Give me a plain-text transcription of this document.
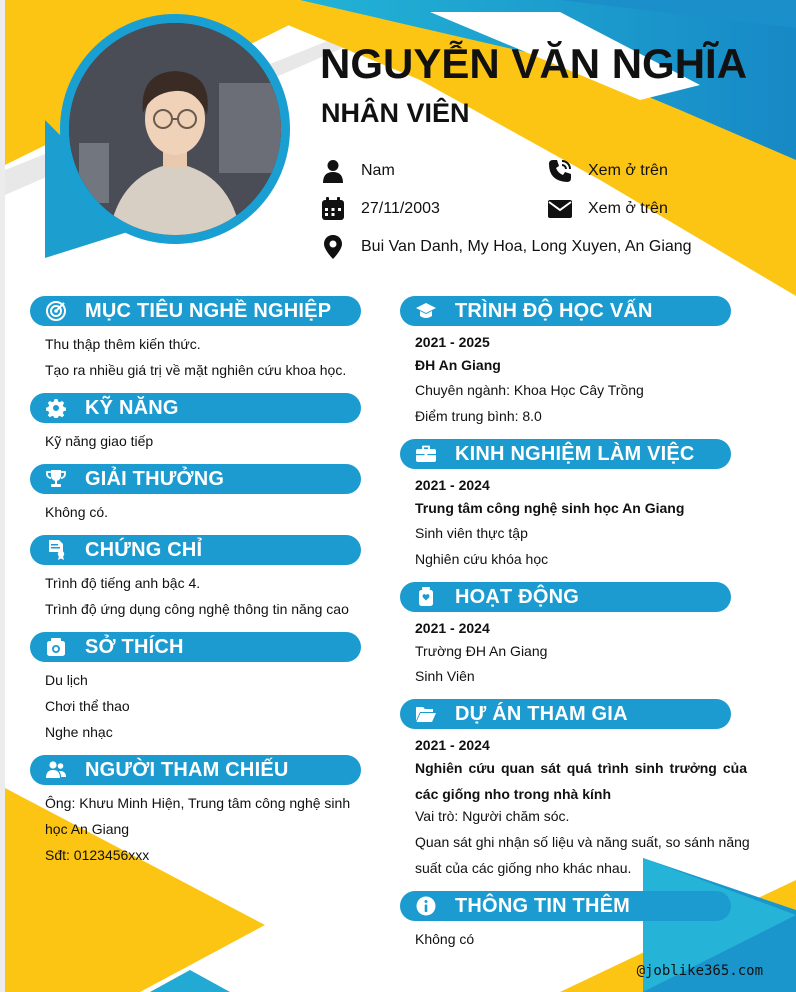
NGUYỄN VĂN NGHĨA
NHÂN VIÊN
Nam
27/11/2003
Bui Van Danh, My Hoa, Long Xuyen, An Giang
Xem ở trên
Xem ở trên
MỤC TIÊU NGHỀ NGHIỆP
Thu thập thêm kiến thức.
Tạo ra nhiều giá trị về mặt nghiên cứu khoa học.
KỸ NĂNG
Kỹ năng giao tiếp
GIẢI THƯỞNG
Không có.
CHỨNG CHỈ
Trình độ tiếng anh bậc 4.
Trình độ ứng dụng công nghệ thông tin năng cao
SỞ THÍCH
Du lịch
Chơi thể thao
Nghe nhạc
NGƯỜI THAM CHIẾU
Ông: Khưu Minh Hiện, Trung tâm công nghệ sinh học An Giang
Sđt: 0123456xxx
TRÌNH ĐỘ HỌC VẤN
2021 - 2025
ĐH An Giang
Chuyên ngành: Khoa Học Cây Trồng
Điểm trung bình: 8.0
KINH NGHIỆM LÀM VIỆC
2021 - 2024
Trung tâm công nghệ sinh học An Giang
Sinh viên thực tập
Nghiên cứu khóa học
HOẠT ĐỘNG
2021 - 2024
Trường ĐH An Giang
Sinh Viên
DỰ ÁN THAM GIA
2021 - 2024
Nghiên cứu quan sát quá trình sinh trưởng của các giống nho trong nhà kính
Vai trò: Người chăm sóc.
Quan sát ghi nhận số liệu và năng suất, so sánh năng suất của các giống nho khác nhau.
THÔNG TIN THÊM
Không có
@joblike365.com
